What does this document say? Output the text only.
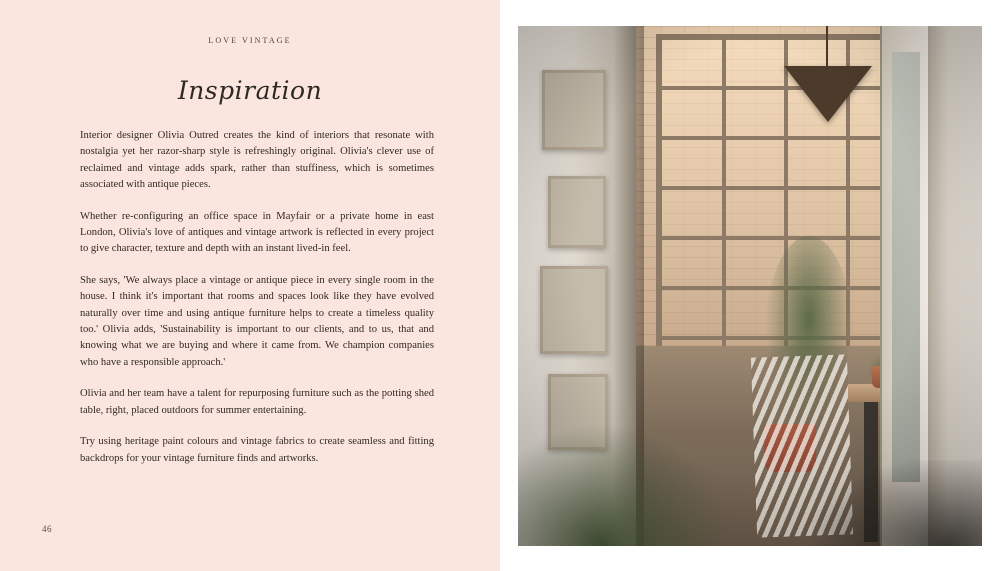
LOVE VINTAGE
Inspiration

Interior designer Olivia Outred creates the kind of interiors that resonate with nostalgia yet her razor-sharp style is refreshingly original. Olivia's clever use of reclaimed and vintage adds spark, rather than stuffiness, which is sometimes associated with antique pieces.

Whether re-configuring an office space in Mayfair or a private home in east London, Olivia's love of antiques and vintage artwork is reflected in every project to give character, texture and depth with an instant lived-in feel.

She says, 'We always place a vintage or antique piece in every single room in the house. I think it's important that rooms and spaces look like they have evolved naturally over time and using antique furniture helps to create a timeless quality too.' Olivia adds, 'Sustainability is important to our clients, and to us, that and knowing what we are buying and where it came from. We champion companies who have a responsible approach.'

Olivia and her team have a talent for repurposing furniture such as the potting shed table, right, placed outdoors for summer entertaining.

Try using heritage paint colours and vintage fabrics to create seamless and fitting backdrops for your vintage furniture finds and artworks.

46
